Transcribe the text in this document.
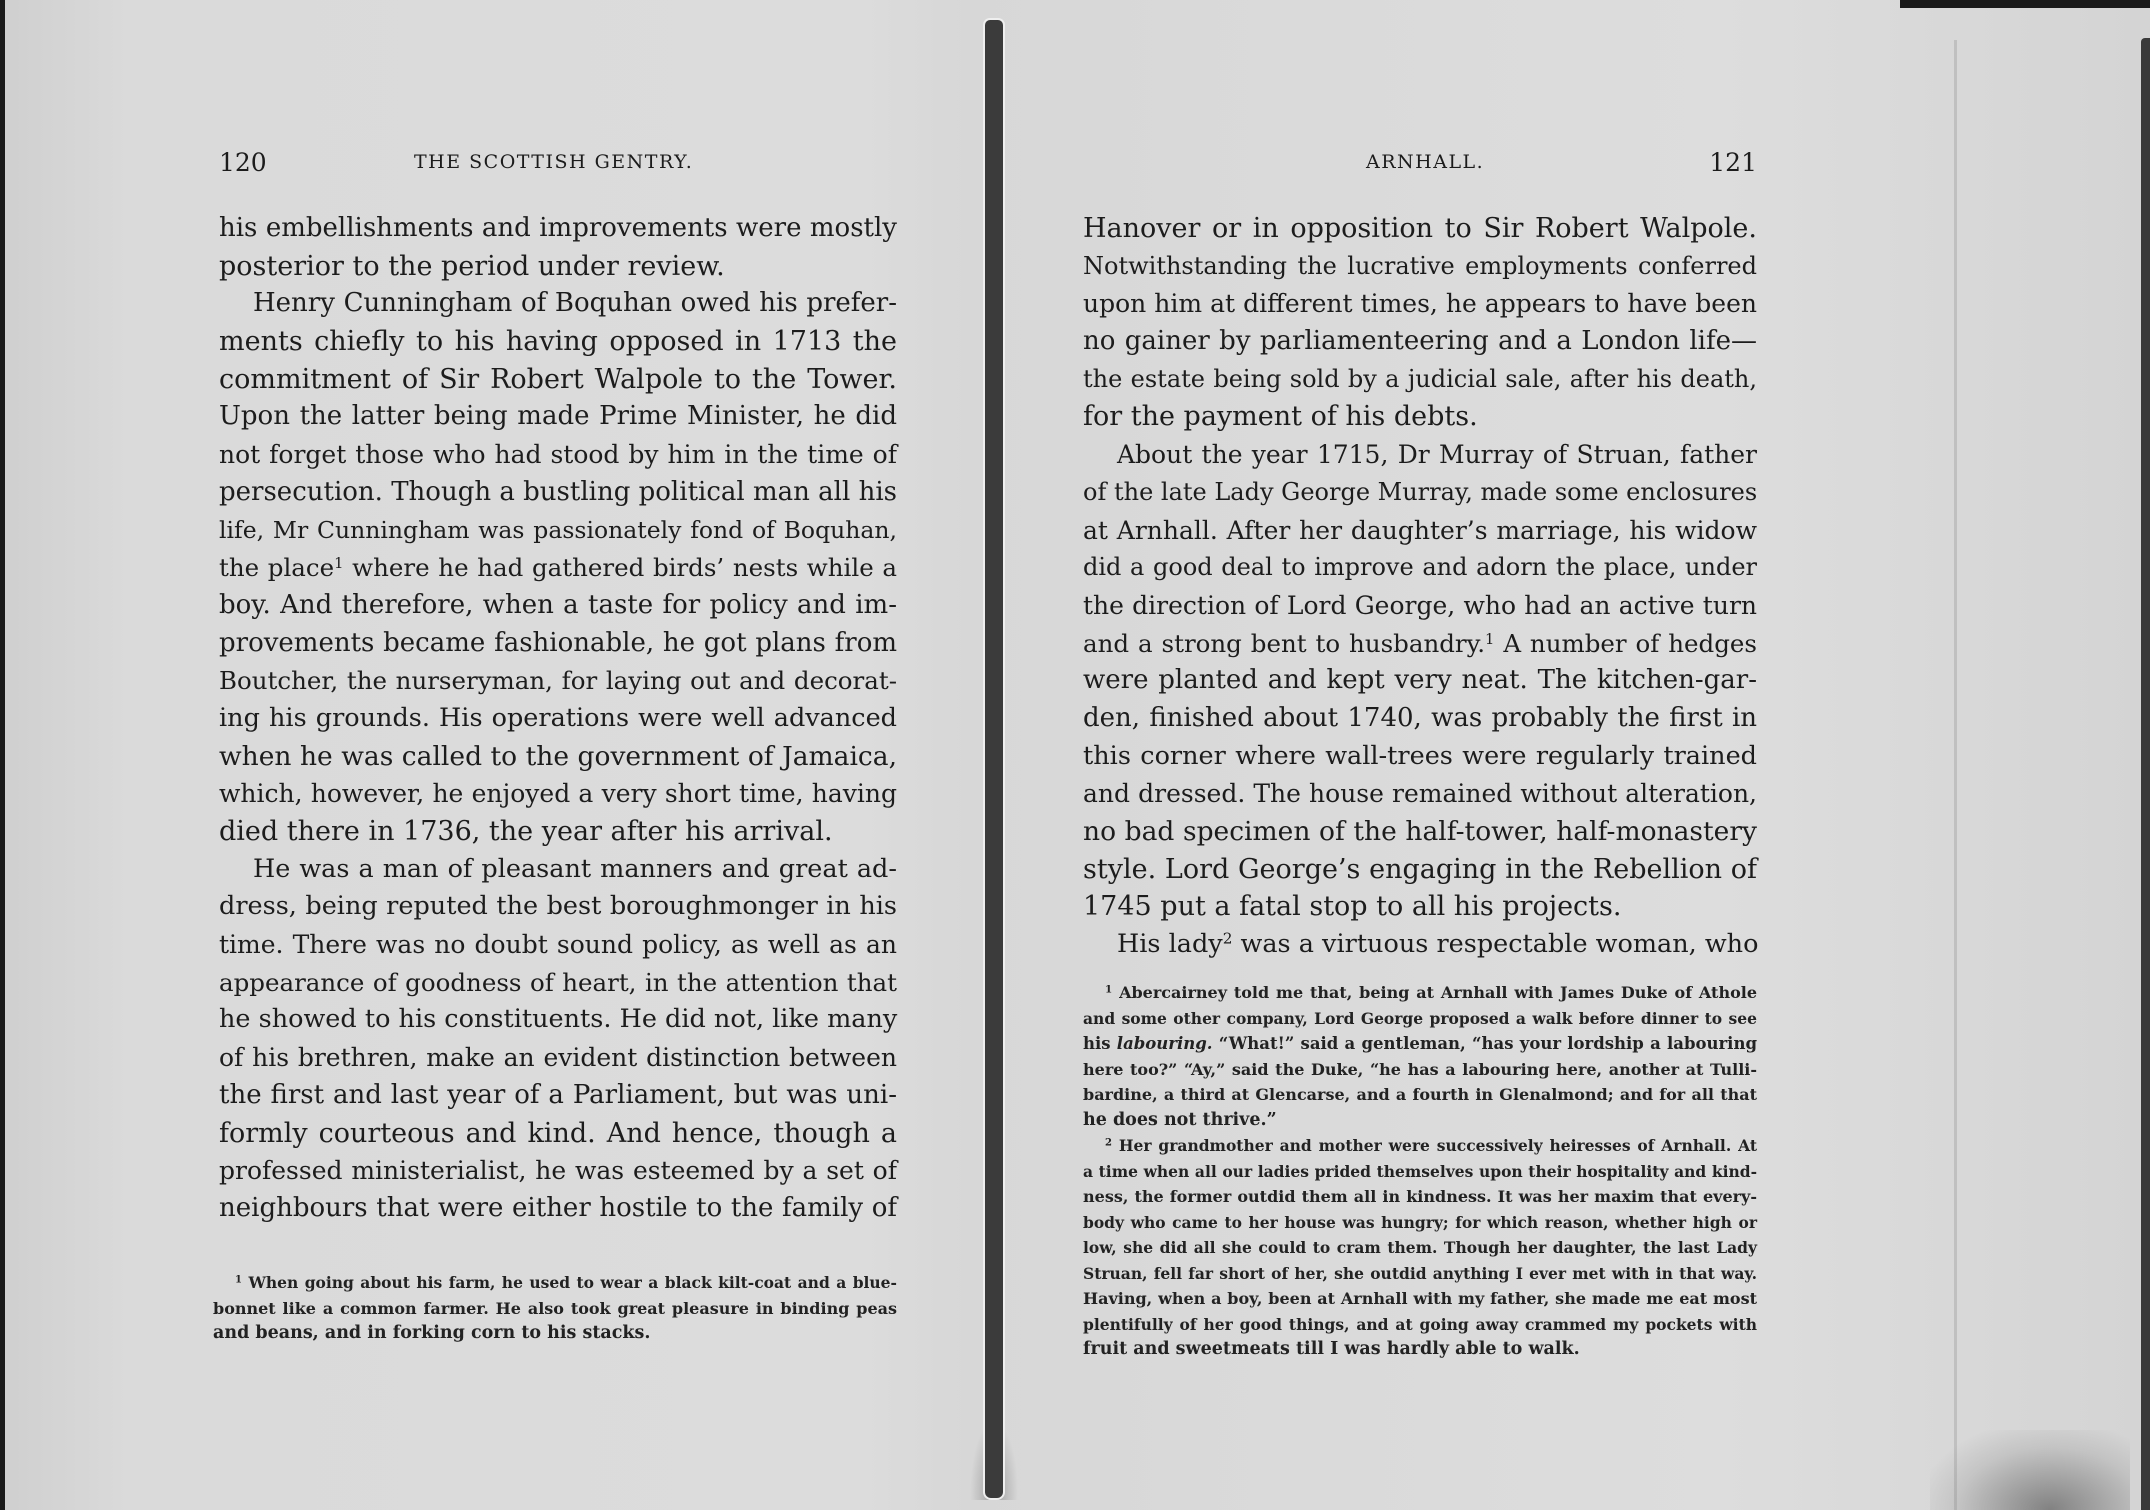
120	THE SCOTTISH GENTRY.
his embellishments and improvements were mostly
posterior to the period under review.
Henry Cunningham of Boquhan owed his prefer-
ments chiefly to his having opposed in 1713 the
commitment of Sir Robert Walpole to the Tower.
Upon the latter being made Prime Minister, he did
not forget those who had stood by him in the time of
persecution. Though a bustling political man all his
life, Mr Cunningham was passionately fond of Boquhan,
the place$^1$ where he had gathered birds’ nests while a
boy. And therefore, when a taste for policy and im-
provements became fashionable, he got plans from
Boutcher, the nurseryman, for laying out and decorat-
ing his grounds. His operations were well advanced
when he was called to the government of Jamaica,
which, however, he enjoyed a very short time, having
died there in 1736, the year after his arrival.
He was a man of pleasant manners and great ad-
dress, being reputed the best boroughmonger in his
time. There was no doubt sound policy, as well as an
appearance of goodness of heart, in the attention that
he showed to his constituents. He did not, like many
of his brethren, make an evident distinction between
the first and last year of a Parliament, but was uni-
formly courteous and kind. And hence, though a
professed ministerialist, he was esteemed by a set of
neighbours that were either hostile to the family of
$^1$ When going about his farm, he used to wear a black kilt-coat and a blue-
bonnet like a common farmer. He also took great pleasure in binding peas
and beans, and in forking corn to his stacks.
ARNHALL.	121
Hanover or in opposition to Sir Robert Walpole.
Notwithstanding the lucrative employments conferred
upon him at different times, he appears to have been
no gainer by parliamenteering and a London life—
the estate being sold by a judicial sale, after his death,
for the payment of his debts.
About the year 1715, Dr Murray of Struan, father
of the late Lady George Murray, made some enclosures
at Arnhall. After her daughter’s marriage, his widow
did a good deal to improve and adorn the place, under
the direction of Lord George, who had an active turn
and a strong bent to husbandry.$^1$ A number of hedges
were planted and kept very neat. The kitchen-gar-
den, finished about 1740, was probably the first in
this corner where wall-trees were regularly trained
and dressed. The house remained without alteration,
no bad specimen of the half-tower, half-monastery
style. Lord George’s engaging in the Rebellion of
1745 put a fatal stop to all his projects.
His lady$^2$ was a virtuous respectable woman, who
$^1$ Abercairney told me that, being at Arnhall with James Duke of Athole
and some other company, Lord George proposed a walk before dinner to see
his labouring. “What!” said a gentleman, “has your lordship a labouring
here too?” “Ay,” said the Duke, “he has a labouring here, another at Tulli-
bardine, a third at Glencarse, and a fourth in Glenalmond; and for all that
he does not thrive.”
$^2$ Her grandmother and mother were successively heiresses of Arnhall. At
a time when all our ladies prided themselves upon their hospitality and kind-
ness, the former outdid them all in kindness. It was her maxim that every-
body who came to her house was hungry; for which reason, whether high or
low, she did all she could to cram them. Though her daughter, the last Lady
Struan, fell far short of her, she outdid anything I ever met with in that way.
Having, when a boy, been at Arnhall with my father, she made me eat most
plentifully of her good things, and at going away crammed my pockets with
fruit and sweetmeats till I was hardly able to walk.
